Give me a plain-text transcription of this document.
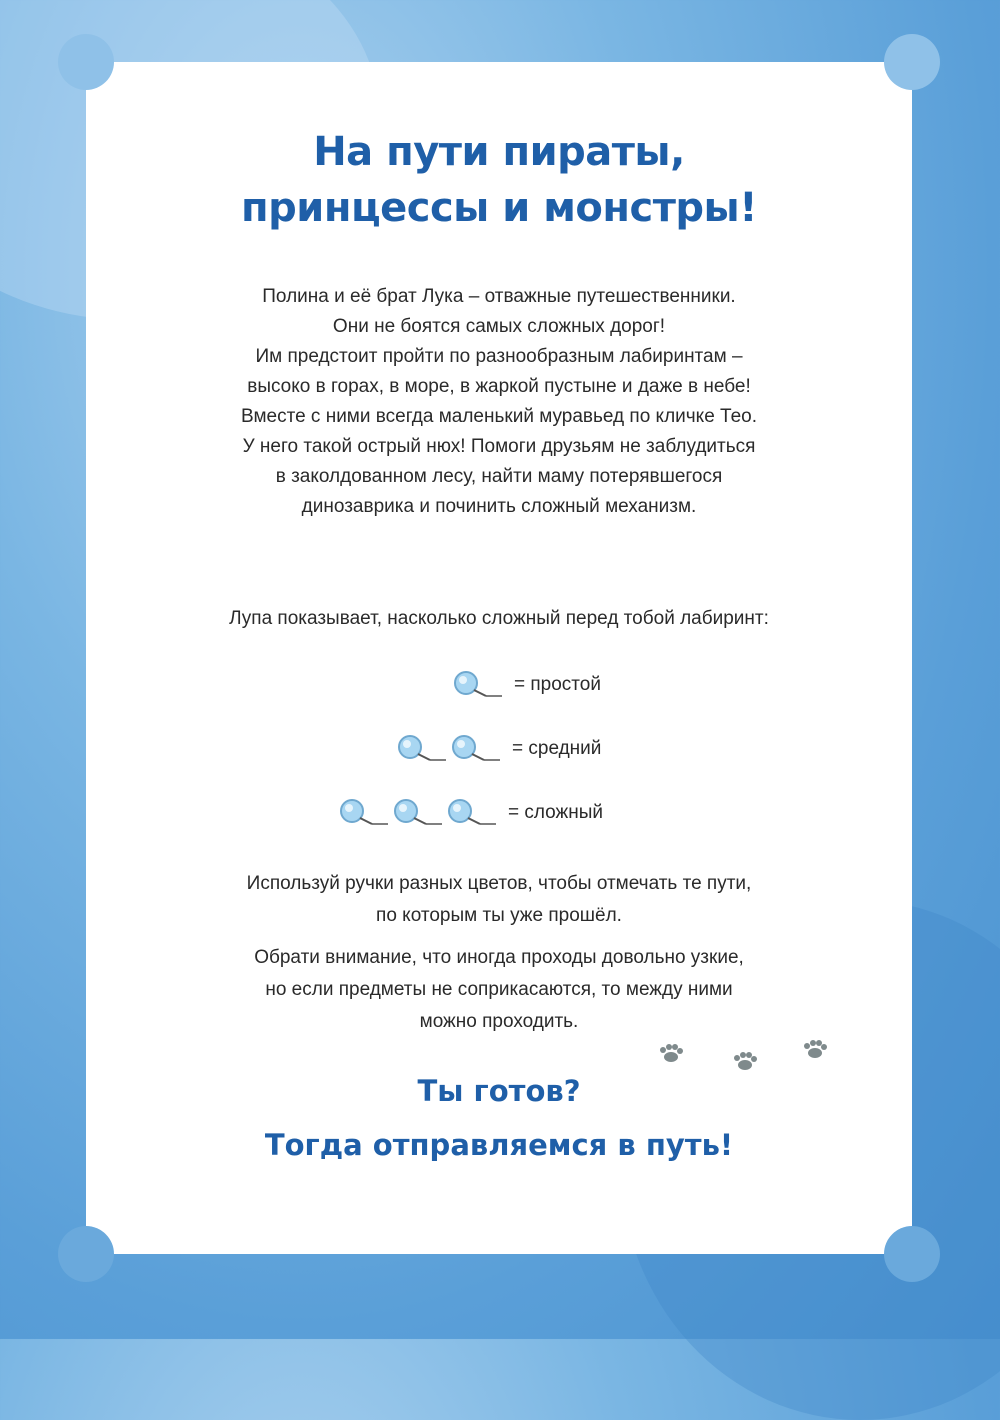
На пути пираты,
принцессы и монстры!

Полина и её брат Лука – отважные путешественники.

Они не боятся самых сложных дорог!

Им предстоит пройти по разнообразным лабиринтам –

высоко в горах, в море, в жаркой пустыне и даже в небе!

Вместе с ними всегда маленький муравьед по кличке Тео.

У него такой острый нюх! Помоги друзьям не заблудиться

в заколдованном лесу, найти маму потерявшегося

динозаврика и починить сложный механизм.

Лупа показывает, насколько сложный перед тобой лабиринт:
= простой
= средний
= сложный

Используй ручки разных цветов, чтобы отмечать те пути,
по которым ты уже прошёл.

Обрати внимание, что иногда проходы довольно узкие,
но если предметы не соприкасаются, то между ними
можно проходить.

Ты готов?
Тогда отправляемся в путь!
